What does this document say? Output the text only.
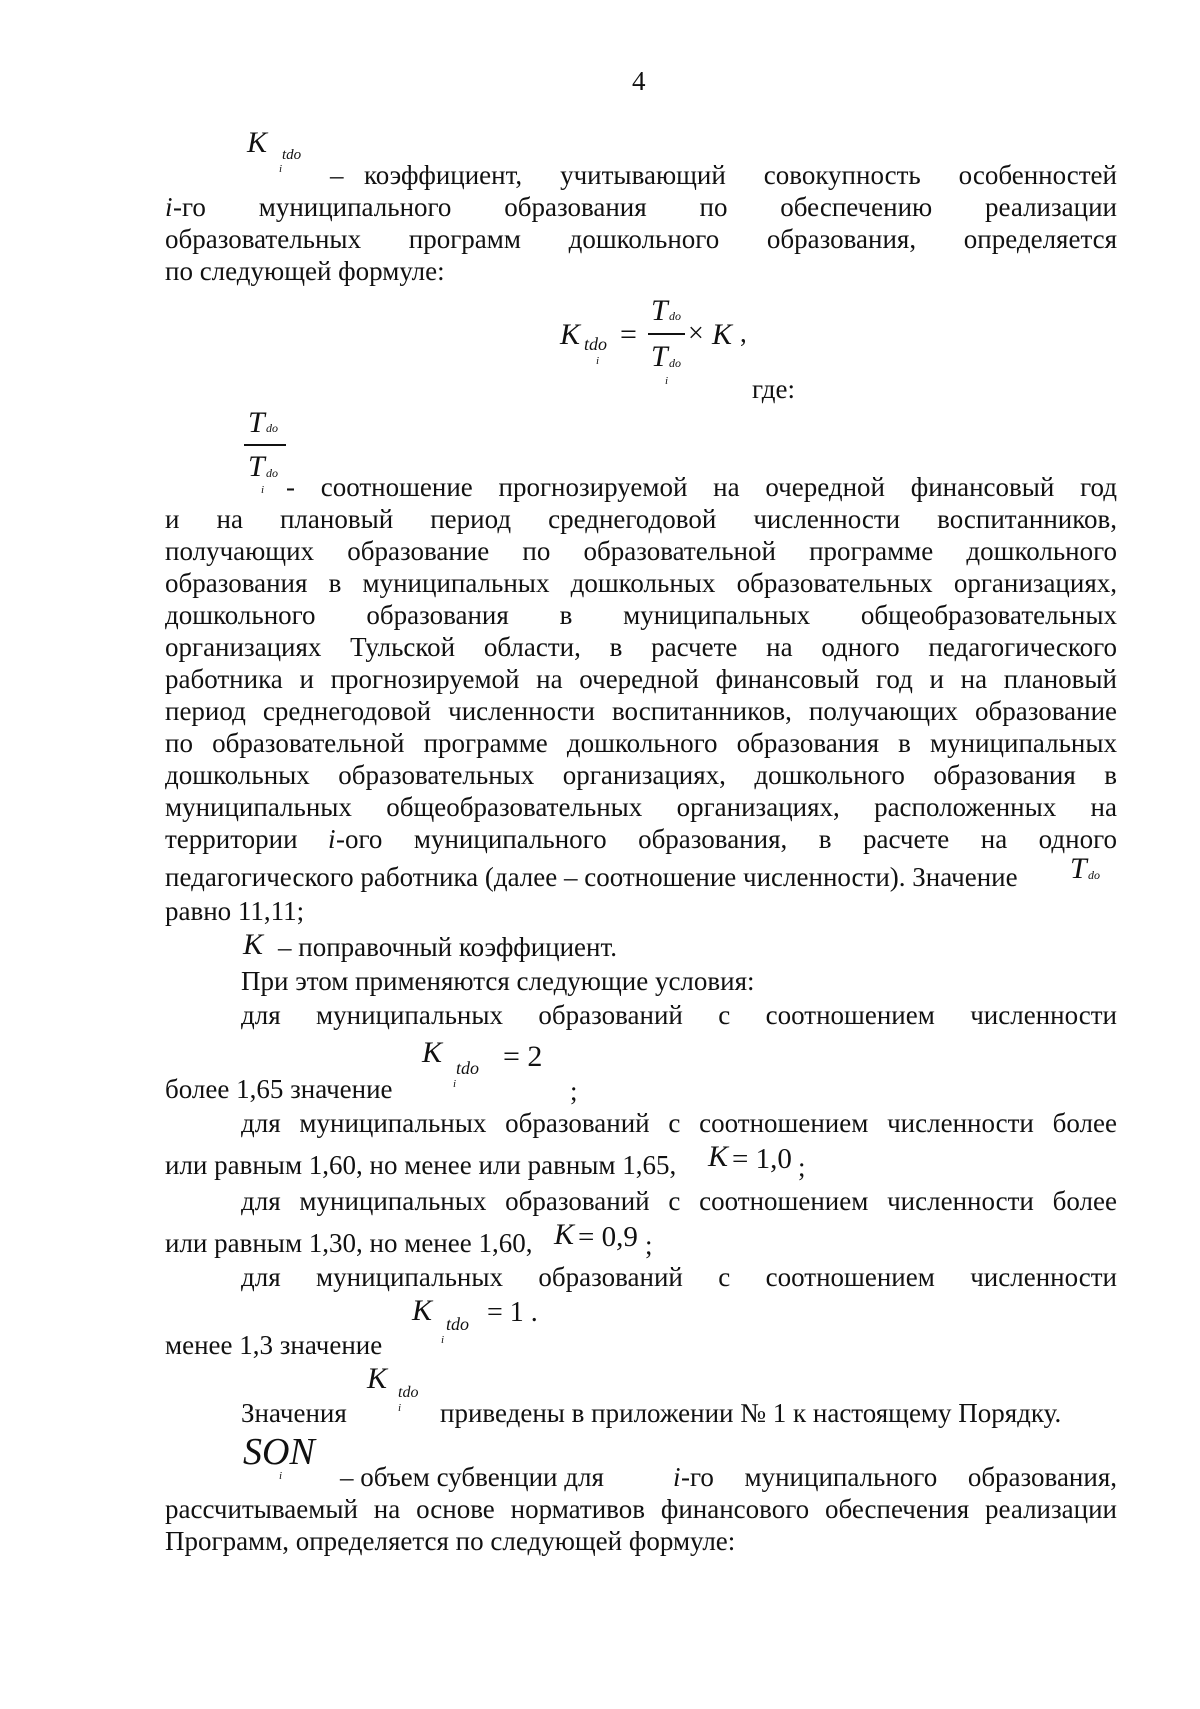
4
K tdo
i – коэффициент, учитывающий совокупность особенностей
i -го муниципального образования по обеспечению реализации
образовательных программ дошкольного образования, определяется
по следующей формуле:
K tdo
i
=
T do
T do
i
× K ,
где:
T do
T do
i - соотношение прогнозируемой на очередной финансовый год
и на плановый период среднегодовой численности воспитанников,
получающих образование по образовательной программе дошкольного
образования в муниципальных дошкольных образовательных организациях,
дошкольного образования в муниципальных общеобразовательных
организациях Тульской области, в расчете на одного педагогического
работника и прогнозируемой на очередной финансовый год и на плановый
период среднегодовой численности воспитанников, получающих образование
по образовательной программе дошкольного образования в муниципальных
дошкольных образовательных организациях, дошкольного образования в
муниципальных общеобразовательных организациях, расположенных на
территории i -ого муниципального образования, в расчете на одного
педагогического работника (далее – соотношение численности). Значение T do
равно 11,11;
K – поправочный коэффициент.
При этом применяются следующие условия:
для муниципальных образований с соотношением численности
K tdo
i
= 2
более 1,65 значение	;
для муниципальных образований с соотношением численности более
или равным 1,60, но менее или равным 1,65, K = 1,0 ;
для муниципальных образований с соотношением численности более
или равным 1,30, но менее 1,60, K = 0,9 ;
для муниципальных образований с соотношением численности
K tdo
i
= 1 .
менее 1,3 значение
K tdo
i
Значения	приведены в приложении № 1 к настоящему Порядку.
SON
i – объем субвенции для	i -го муниципального образования,
рассчитываемый на основе нормативов финансового обеспечения реализации
Программ, определяется по следующей формуле:
